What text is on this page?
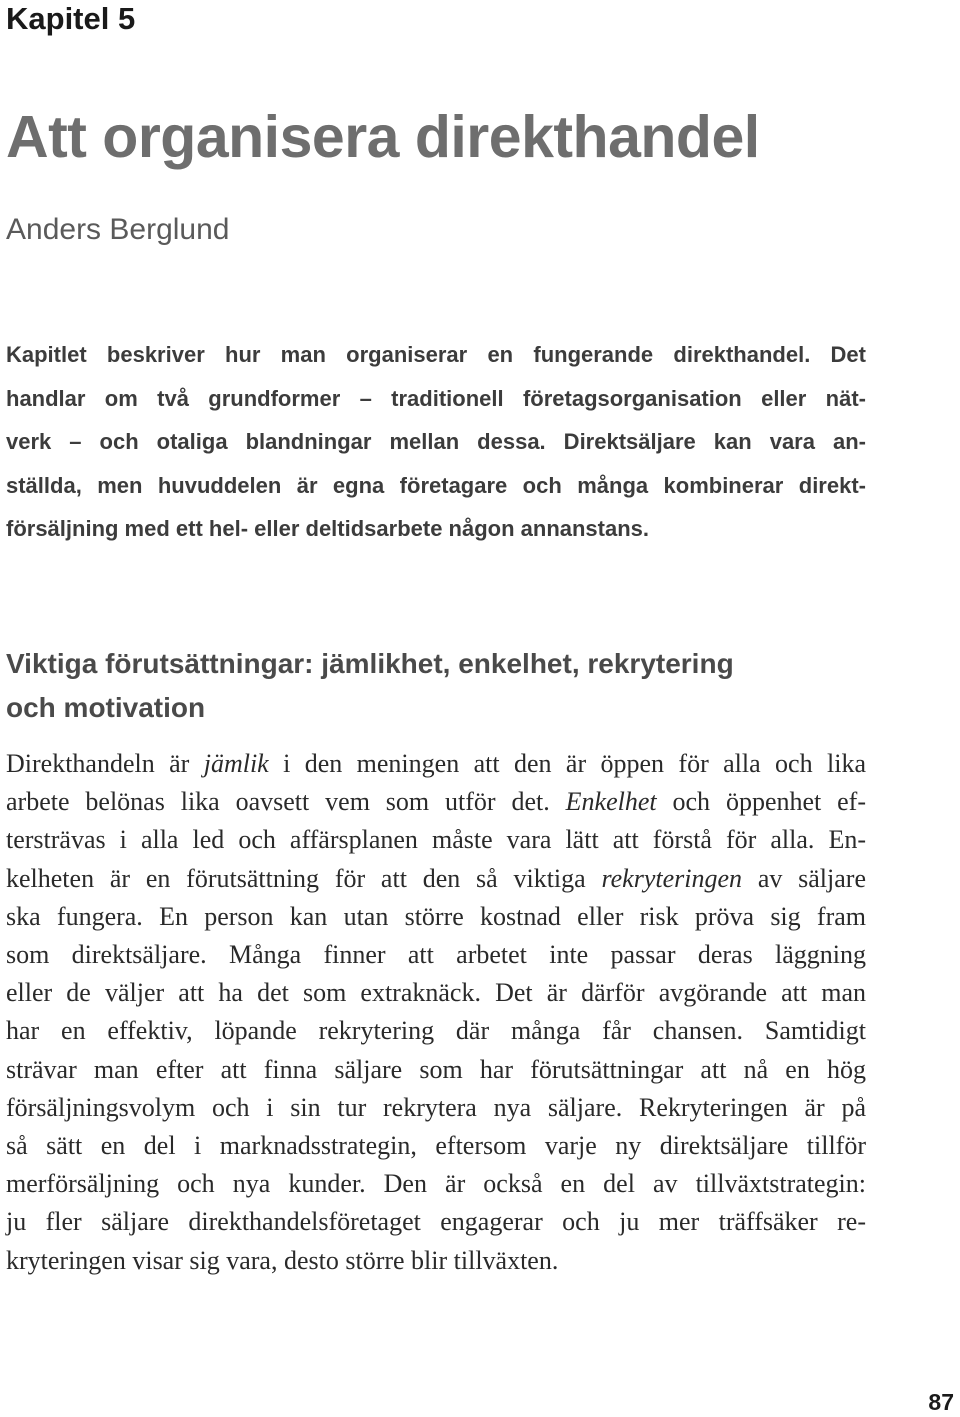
Kapitel 5

Att organisera direkthandel

Anders Berglund

Kapitlet beskriver hur man organiserar en fungerande direkthandel. Det
handlar om två grundformer – traditionell företagsorganisation eller nät-
verk – och otaliga blandningar mellan dessa. Direktsäljare kan vara an-
ställda, men huvuddelen är egna företagare och många kombinerar direkt-
försäljning med ett hel- eller deltidsarbete någon annanstans.

Viktiga förutsättningar: jämlikhet, enkelhet, rekrytering
och motivation

Direkthandeln är jämlik i den meningen att den är öppen för alla och lika
arbete belönas lika oavsett vem som utför det. Enkelhet och öppenhet ef-
tersträvas i alla led och affärsplanen måste vara lätt att förstå för alla. En-
kelheten är en förutsättning för att den så viktiga rekryteringen av säljare
ska fungera. En person kan utan större kostnad eller risk pröva sig fram
som direktsäljare. Många finner att arbetet inte passar deras läggning
eller de väljer att ha det som extraknäck. Det är därför avgörande att man
har en effektiv, löpande rekrytering där många får chansen. Samtidigt
strävar man efter att finna säljare som har förutsättningar att nå en hög
försäljningsvolym och i sin tur rekrytera nya säljare. Rekryteringen är på
så sätt en del i marknadsstrategin, eftersom varje ny direktsäljare tillför
merförsäljning och nya kunder. Den är också en del av tillväxtstrategin:
ju fler säljare direkthandelsföretaget engagerar och ju mer träffsäker re-
kryteringen visar sig vara, desto större blir tillväxten.

87
